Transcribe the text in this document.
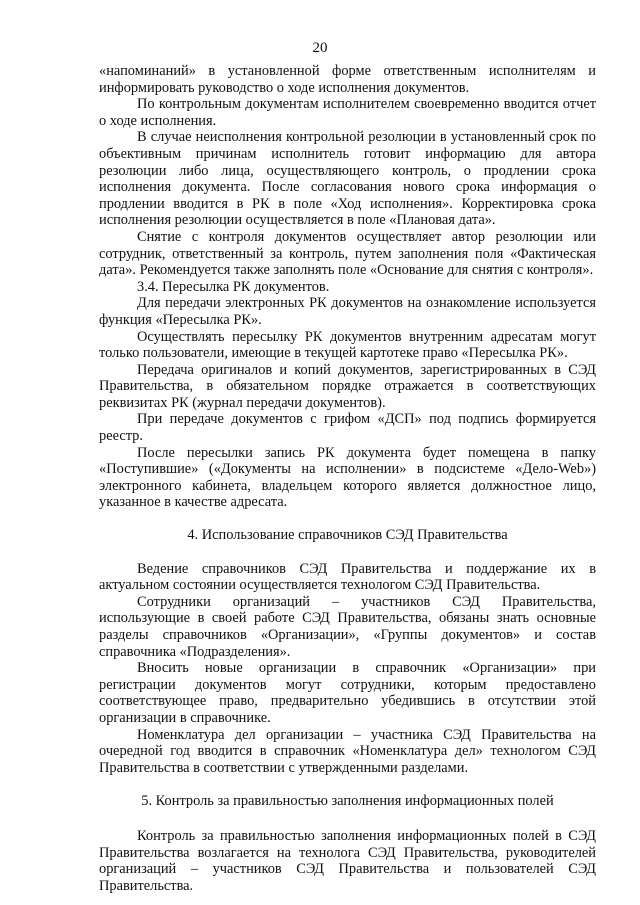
20

«напоминаний» в установленной форме ответственным исполнителям и информировать руководство о ходе исполнения документов.

По контрольным документам исполнителем своевременно вводится отчет о ходе исполнения.

В случае неисполнения контрольной резолюции в установленный срок по объективным причинам исполнитель готовит информацию для автора резолюции либо лица, осуществляющего контроль, о продлении срока исполнения документа. После согласования нового срока информация о продлении вводится в РК в поле «Ход исполнения». Корректировка срока исполнения резолюции осуществляется в поле «Плановая дата».

Снятие с контроля документов осуществляет автор резолюции или сотрудник, ответственный за контроль, путем заполнения поля «Фактическая дата». Рекомендуется также заполнять поле «Основание для снятия с контроля».

3.4. Пересылка РК документов.

Для передачи электронных РК документов на ознакомление используется функция «Пересылка РК».

Осуществлять пересылку РК документов внутренним адресатам могут только пользователи, имеющие в текущей картотеке право «Пересылка РК».

Передача оригиналов и копий документов, зарегистрированных в СЭД Правительства, в обязательном порядке отражается в соответствующих реквизитах РК (журнал передачи документов).

При передаче документов с грифом «ДСП» под подпись формируется реестр.

После пересылки запись РК документа будет помещена в папку «Поступившие» («Документы на исполнении» в подсистеме «Дело-Web») электронного кабинета, владельцем которого является должностное лицо, указанное в качестве адресата.

4. Использование справочников СЭД Правительства

Ведение справочников СЭД Правительства и поддержание их в актуальном состоянии осуществляется технологом СЭД Правительства.

Сотрудники организаций – участников СЭД Правительства, использующие в своей работе СЭД Правительства, обязаны знать основные разделы справочников «Организации», «Группы документов» и состав справочника «Подразделения».

Вносить новые организации в справочник «Организации» при регистрации документов могут сотрудники, которым предоставлено соответствующее право, предварительно убедившись в отсутствии этой организации в справочнике.

Номенклатура дел организации – участника СЭД Правительства на очередной год вводится в справочник «Номенклатура дел» технологом СЭД Правительства в соответствии с утвержденными разделами.

5. Контроль за правильностью заполнения информационных полей

Контроль за правильностью заполнения информационных полей в СЭД Правительства возлагается на технолога СЭД Правительства, руководителей организаций – участников СЭД Правительства и пользователей СЭД Правительства.
